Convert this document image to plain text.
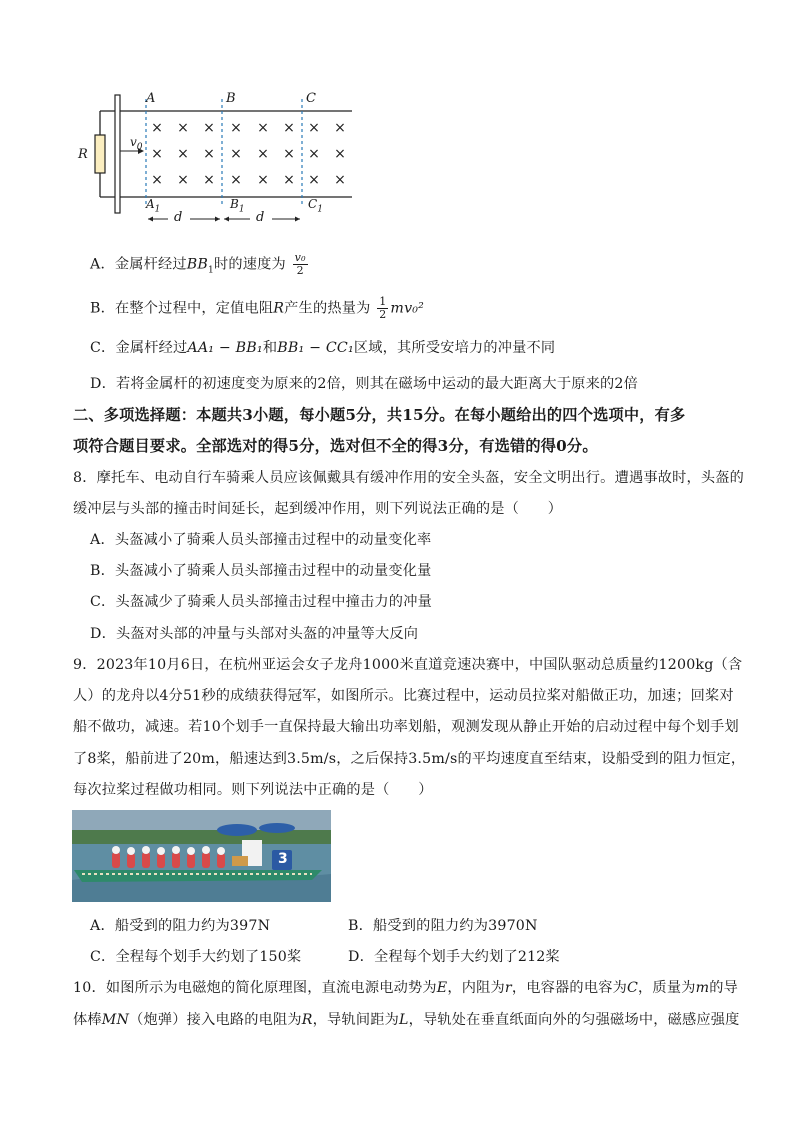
× × × × × × × ×
× × × × × × × ×
× × × × × × × ×
A	B	C
$A_1$	$B_1$	$C_1$
R
$v_0$
d	d
A．金属杆经过$BB_1$时的速度为 $\frac{\text{v₀}}{2}$
B．在整个过程中，定值电阻R产生的热量为 $\frac{1}{2} mv_0^2$
C．金属杆经过AA₁ − BB₁和BB₁ − CC₁区域，其所受安培力的冲量不同
D．若将金属杆的初速度变为原来的2倍，则其在磁场中运动的最大距离大于原来的2倍
二、多项选择题：本题共3小题，每小题5分，共15分。在每小题给出的四个选项中，有多
项符合题目要求。全部选对的得5分，选对但不全的得3分，有选错的得0分。
8．摩托车、电动自行车骑乘人员应该佩戴具有缓冲作用的安全头盔，安全文明出行。遭遇事故时，头盔的
缓冲层与头部的撞击时间延长，起到缓冲作用，则下列说法正确的是（　　）
A．头盔减小了骑乘人员头部撞击过程中的动量变化率
B．头盔减小了骑乘人员头部撞击过程中的动量变化量
C．头盔减少了骑乘人员头部撞击过程中撞击力的冲量
D．头盔对头部的冲量与头部对头盔的冲量等大反向
9．2023年10月6日，在杭州亚运会女子龙舟1000米直道竞速决赛中，中国队驱动总质量约1200kg（含
人）的龙舟以4分51秒的成绩获得冠军，如图所示。比赛过程中，运动员拉桨对船做正功，加速；回桨对
船不做功，减速。若10个划手一直保持最大输出功率划船，观测发现从静止开始的启动过程中每个划手划
了8桨，船前进了20m，船速达到3.5m/s，之后保持3.5m/s的平均速度直至结束，设船受到的阻力恒定，
每次拉桨过程做功相同。则下列说法中正确的是（　　）
3
A．船受到的阻力约为397N	B．船受到的阻力约为3970N
C．全程每个划手大约划了150桨	D．全程每个划手大约划了212桨
10．如图所示为电磁炮的简化原理图，直流电源电动势为E，内阻为r，电容器的电容为C，质量为m的导
体棒MN（炮弹）接入电路的电阻为R，导轨间距为L，导轨处在垂直纸面向外的匀强磁场中，磁感应强度
